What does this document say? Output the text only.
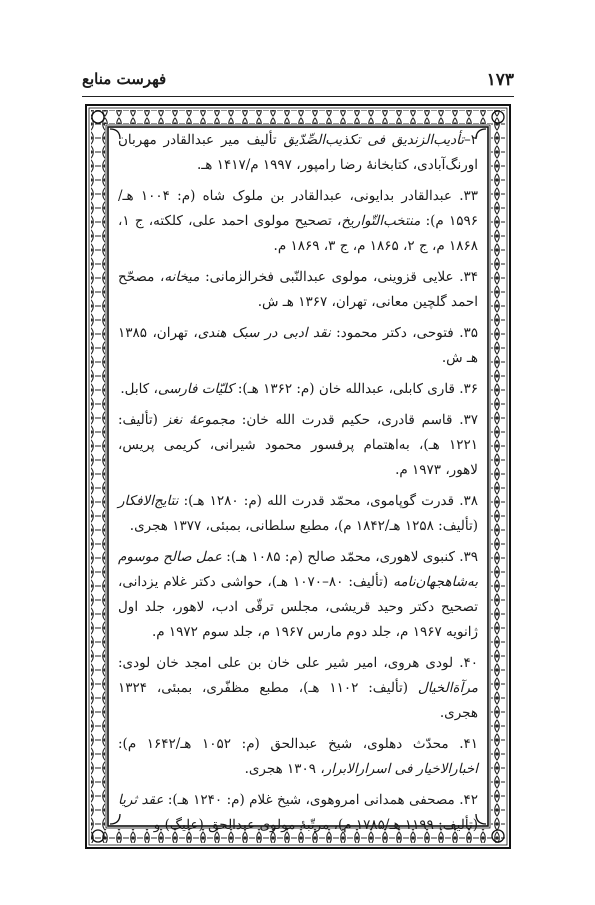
۱۷۳
فهرست منابع
۲–تأدیب‌الزندیق فی تکذیب‌الصِّدّیق تألیف میر عبدالقادر مهربان اورنگ‌آبادی، کتابخانهٔ رضا رامپور، ۱۹۹۷ م/۱۴۱۷ هـ.
۳۳. عبدالقادر بدایونی، عبدالقادر بن ملوک شاه (م: ۱۰۰۴ هـ/۱۵۹۶ م): منتخب‌التّواریخ، تصحیح مولوی احمد علی، کلکته، ج ۱، ۱۸۶۸ م، ج ۲، ۱۸۶۵ م، ج ۳، ۱۸۶۹ م.
۳۴. علایی قزوینی، مولوی عبدالنّبی فخرالزمانی: میخانه، مصحّح احمد گلچین معانی، تهران، ۱۳۶۷ هـ ش.
۳۵. فتوحی، دکتر محمود: نقد ادبی در سبک هندی، تهران، ۱۳۸۵ هـ ش.
۳۶. قاری کابلی، عبدالله خان (م: ۱۳۶۲ هـ): کلیّات فارسی، کابل.
۳۷. قاسم قادری، حکیم قدرت الله خان: مجموعهٔ نغز (تألیف: ۱۲۲۱ هـ)، به‌اهتمام پرفسور محمود شیرانی، کریمی پریس، لاهور، ۱۹۷۳ م.
۳۸. قدرت گوپاموی، محمّد قدرت الله (م: ۱۲۸۰ هـ): نتایج‌الافکار (تألیف: ۱۲۵۸ هـ/۱۸۴۲ م)، مطبع سلطانی، بمبئی، ۱۳۷۷ هجری.
۳۹. کنبوی لاهوری، محمّد صالح (م: ۱۰۸۵ هـ): عمل صالح موسوم به‌شاهجهان‌نامه (تألیف: ۸۰–۱۰۷۰ هـ)، حواشی دکتر غلام یزدانی، تصحیح دکتر وحید قریشی، مجلس ترقّی ادب، لاهور، جلد اول ژانویه ۱۹۶۷ م، جلد دوم مارس ۱۹۶۷ م، جلد سوم ۱۹۷۲ م.
۴۰. لودی هروی، امیر شیر علی خان بن علی امجد خان لودی: مرآةالخیال (تألیف: ۱۱۰۲ هـ)، مطبع مظفّری، بمبئی، ۱۳۲۴ هجری.
۴۱. محدّث دهلوی، شیخ عبدالحق (م: ۱۰۵۲ هـ/۱۶۴۲ م): اخبارالاخیار فی اسرارالابرار، ۱۳۰۹ هجری.
۴۲. مصحفی همدانی امروهوی، شیخ غلام (م: ۱۲۴۰ هـ): عقد ثریا (تألیف: ۱۱۹۹ هـ/۱۷۸۵ م)، مرتّبهٔ مولوی عبدالحق (علیگ) و
